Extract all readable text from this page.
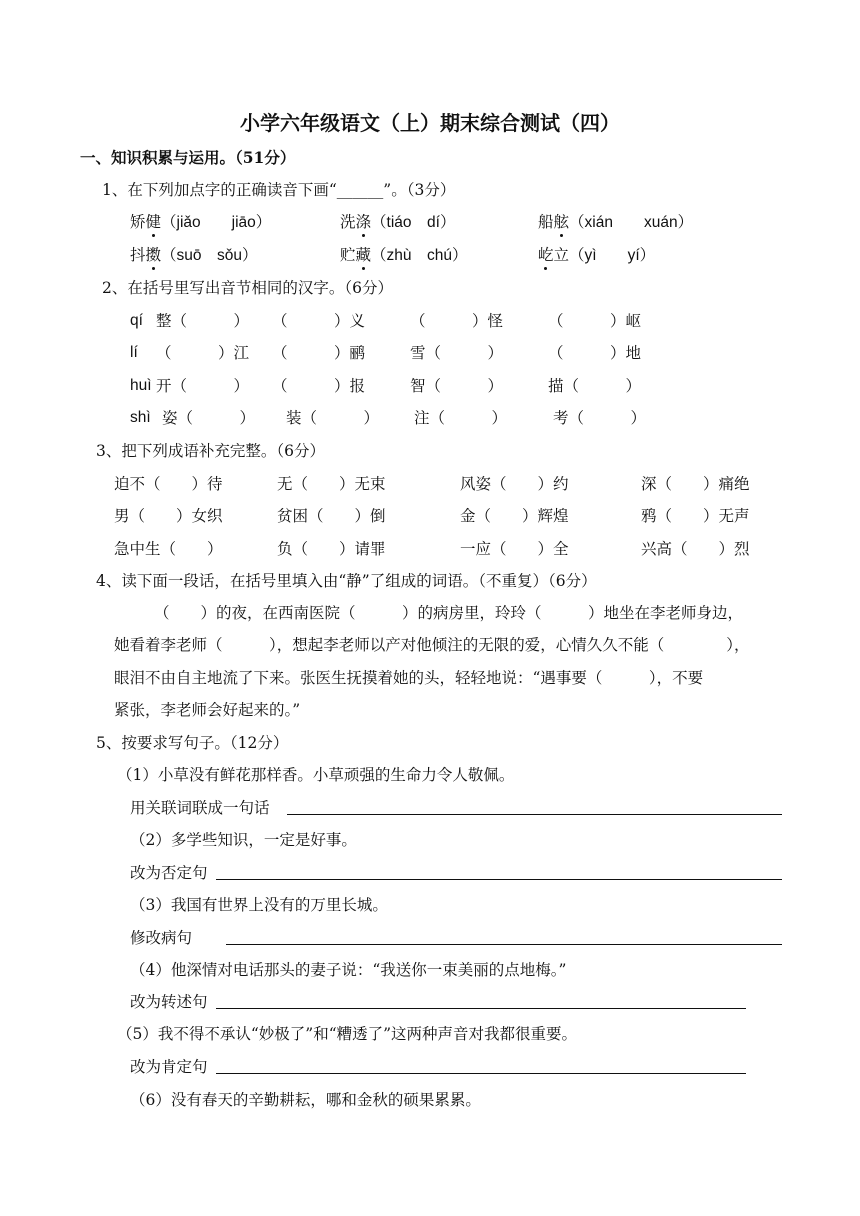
小学六年级语文（上）期末综合测试（四）
一、知识积累与运用。（51分）
1、在下列加点字的正确读音下画“______”。（3分）
矫健（jiǎo　　jiāo）	洗涤（tiáo　dí）	船舷（xián　　xuán）
抖擞（suō　sǒu）	贮藏（zhù　chú）	屹立（yì　　yí）
2、在括号里写出音节相同的汉字。（6分）
qí 整（　　　） （　　　）义	（　　　）怪	（　　　）岖
lí （　　　）江 （　　　）鹂	雪（　　　）	（　　　）地
huì 开（　　　） （　　　）报	智（　　　）	描（　　　）
shì 姿（　　　） 装（　　　） 注（　　　）	考（　　　）
3、把下列成语补充完整。（6分）
迫不（　　）待	无（　　）无束	风姿（　　）约	深（　　）痛绝
男（　　）女织	贫困（　　）倒	金（　　）辉煌	鸦（　　）无声
急中生（　　）	负（　　）请罪	一应（　　）全	兴高（　　）烈
4、读下面一段话，在括号里填入由“静”了组成的词语。（不重复）（6分）
（　　）的夜，在西南医院（　　　）的病房里，玲玲（　　　）地坐在李老师身边，
她看着李老师（　　　），想起李老师以产对他倾注的无限的爱，心情久久不能（　　　　），
眼泪不由自主地流了下来。张医生抚摸着她的头，轻轻地说：“遇事要（　　　），不要
紧张，李老师会好起来的。”
5、按要求写句子。（12分）
（1）小草没有鲜花那样香。小草顽强的生命力令人敬佩。
用关联词联成一句话
（2）多学些知识，一定是好事。
改为否定句
（3）我国有世界上没有的万里长城。
修改病句
（4）他深情对电话那头的妻子说：“我送你一束美丽的点地梅。”
改为转述句
（5）我不得不承认“妙极了”和“糟透了”这两种声音对我都很重要。
改为肯定句
（6）没有春天的辛勤耕耘，哪和金秋的硕果累累。
